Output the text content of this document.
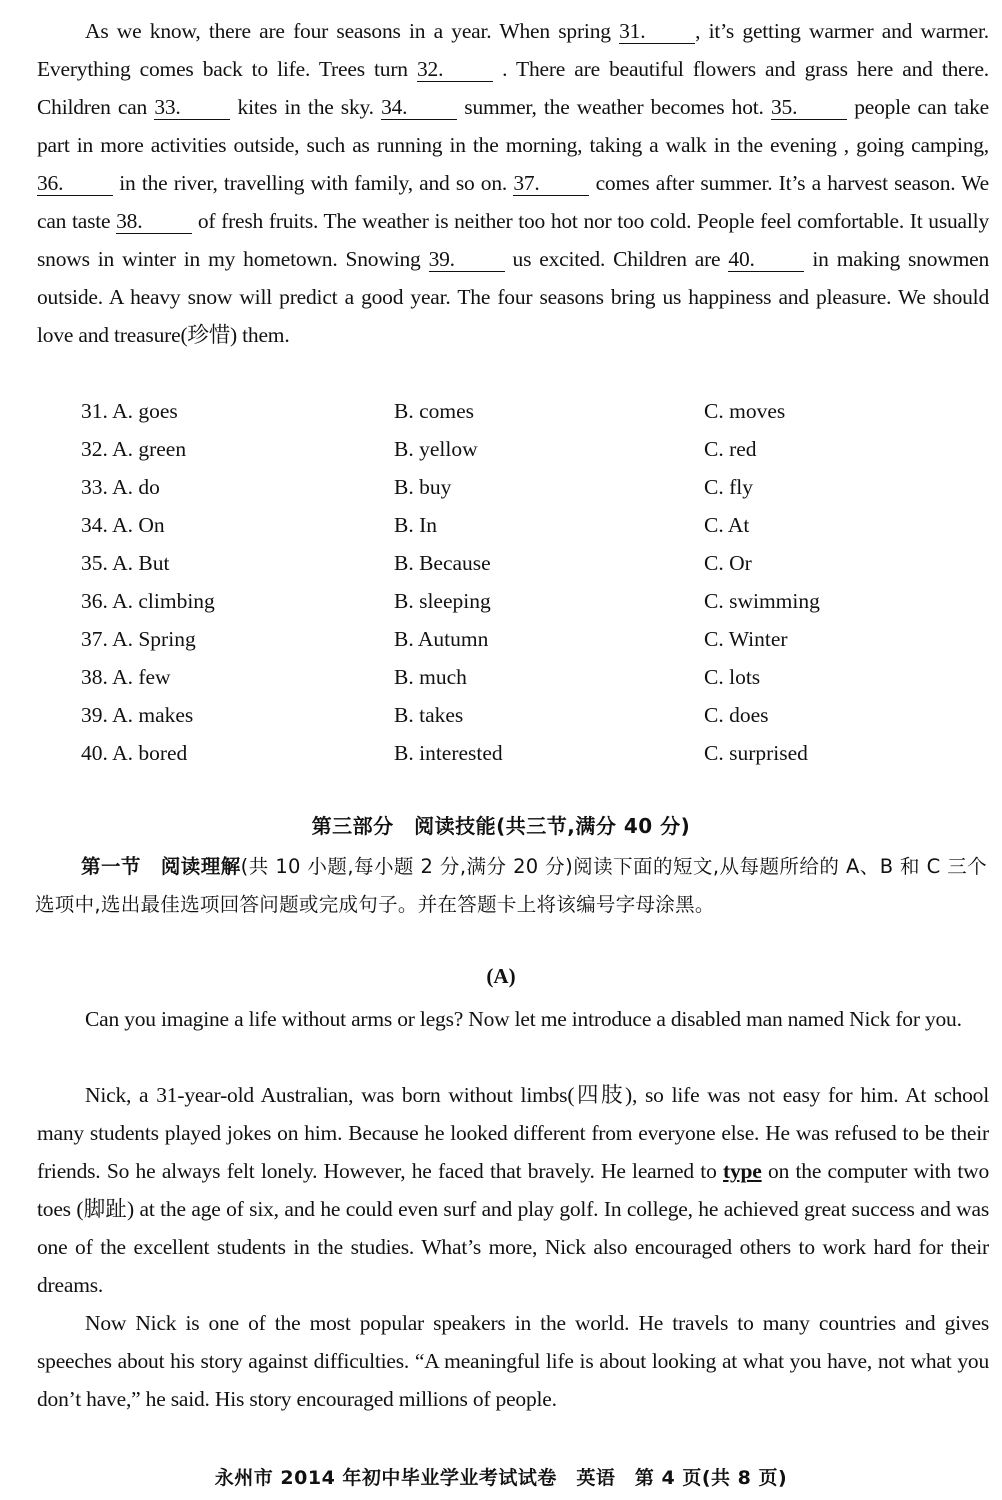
As we know, there are four seasons in a year. When spring 31. , it’s getting warmer and warmer. Everything comes back to life. Trees turn 32. . There are beautiful flowers and grass here and there. Children can 33. kites in the sky. 34. summer, the weather becomes hot. 35. people can take part in more activities outside, such as running in the morning, taking a walk in the evening , going camping, 36. in the river, travelling with family, and so on. 37. comes after summer. It’s a harvest season. We can taste 38. of fresh fruits. The weather is neither too hot nor too cold. People feel comfortable. It usually snows in winter in my hometown. Snowing 39. us excited. Children are 40. in making snowmen outside. A heavy snow will predict a good year. The four seasons bring us happiness and pleasure. We should love and treasure(珍惜) them.
31. A. goes	B. comes	C. moves
32. A. green	B. yellow	C. red
33. A. do	B. buy	C. fly
34. A. On	B. In	C. At
35. A. But	B. Because	C. Or
36. A. climbing	B. sleeping	C. swimming
37. A. Spring	B. Autumn	C. Winter
38. A. few	B. much	C. lots
39. A. makes	B. takes	C. does
40. A. bored	B. interested	C. surprised
第三部分　阅读技能(共三节,满分 40 分)
第一节　阅读理解(共 10 小题,每小题 2 分,满分 20 分)阅读下面的短文,从每题所给的 A、B 和 C 三个选项中,选出最佳选项回答问题或完成句子。并在答题卡上将该编号字母涂黑。
(A)
Can you imagine a life without arms or legs? Now let me introduce a disabled man named Nick for you.
Nick, a 31-year-old Australian, was born without limbs(四肢), so life was not easy for him. At school many students played jokes on him. Because he looked different from everyone else. He was refused to be their friends. So he always felt lonely. However, he faced that bravely. He learned to type on the computer with two toes (脚趾) at the age of six, and he could even surf and play golf. In college, he achieved great success and was one of the excellent students in the studies. What’s more, Nick also encouraged others to work hard for their dreams.
Now Nick is one of the most popular speakers in the world. He travels to many countries and gives speeches about his story against difficulties. “A meaningful life is about looking at what you have, not what you don’t have,” he said. His story encouraged millions of people.
永州市 2014 年初中毕业学业考试试卷　英语　第 4 页(共 8 页)
